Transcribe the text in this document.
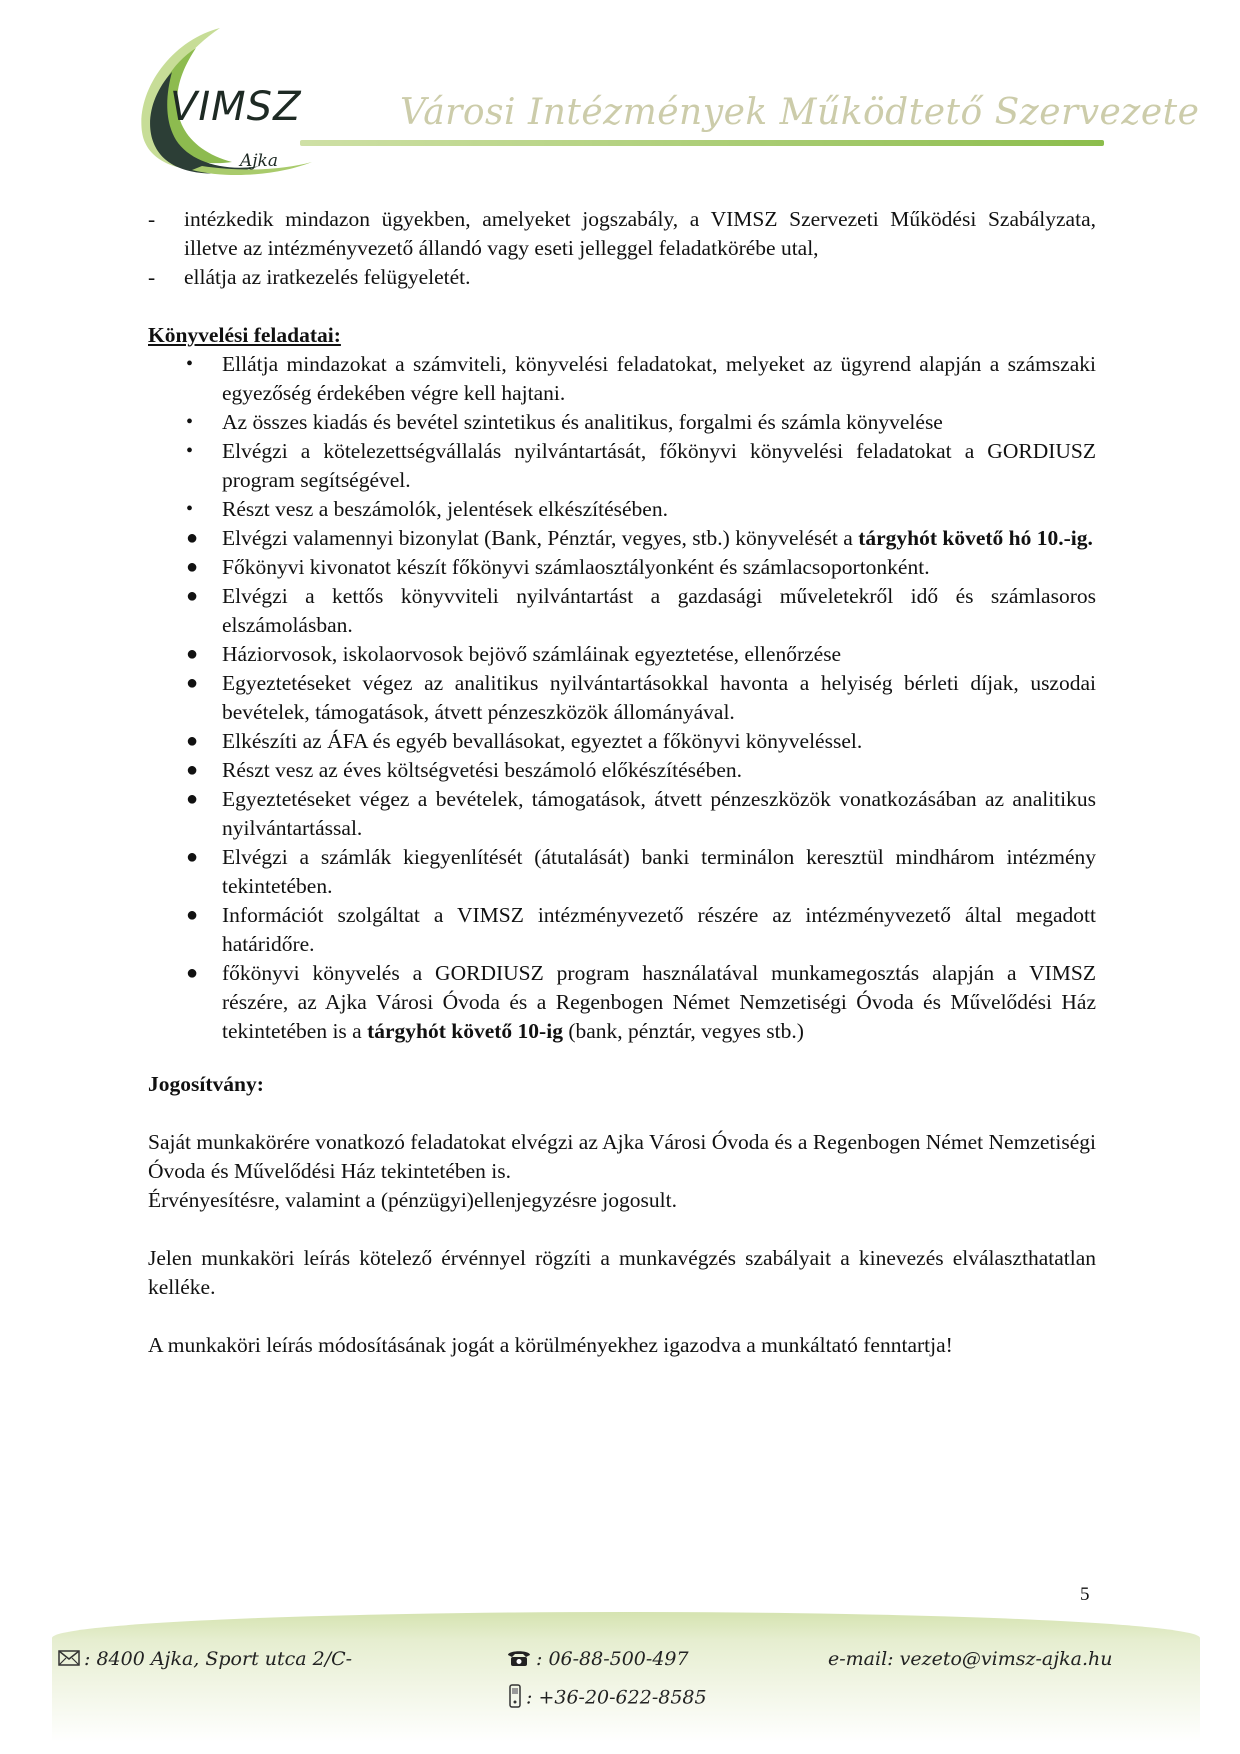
VIMSZ
Ajka
Városi Intézmények Működtető Szervezete
- intézkedik mindazon ügyekben, amelyeket jogszabály, a VIMSZ Szervezeti Működési Szabályzata, illetve az intézményvezető állandó vagy eseti jelleggel feladatkörébe utal,
- ellátja az iratkezelés felügyeletét.
Könyvelési feladatai:
• Ellátja mindazokat a számviteli, könyvelési feladatokat, melyeket az ügyrend alapján a számszaki egyezőség érdekében végre kell hajtani.
• Az összes kiadás és bevétel szintetikus és analitikus, forgalmi és számla könyvelése
• Elvégzi a kötelezettségvállalás nyilvántartását, főkönyvi könyvelési feladatokat a GORDIUSZ program segítségével.
• Részt vesz a beszámolók, jelentések elkészítésében.
● Elvégzi valamennyi bizonylat (Bank, Pénztár, vegyes, stb.) könyvelését a tárgyhót követő hó 10.-ig.
● Főkönyvi kivonatot készít főkönyvi számlaosztályonként és számlacsoportonként.
● Elvégzi a kettős könyvviteli nyilvántartást a gazdasági műveletekről idő és számlasoros elszámolásban.
● Háziorvosok, iskolaorvosok bejövő számláinak egyeztetése, ellenőrzése
● Egyeztetéseket végez az analitikus nyilvántartásokkal havonta a helyiség bérleti díjak, uszodai bevételek, támogatások, átvett pénzeszközök állományával.
● Elkészíti az ÁFA és egyéb bevallásokat, egyeztet a főkönyvi könyveléssel.
● Részt vesz az éves költségvetési beszámoló előkészítésében.
● Egyeztetéseket végez a bevételek, támogatások, átvett pénzeszközök vonatkozásában az analitikus nyilvántartással.
● Elvégzi a számlák kiegyenlítését (átutalását) banki terminálon keresztül mindhárom intézmény tekintetében.
● Információt szolgáltat a VIMSZ intézményvezető részére az intézményvezető által megadott határidőre.
● főkönyvi könyvelés a GORDIUSZ program használatával munkamegosztás alapján a VIMSZ részére, az Ajka Városi Óvoda és a Regenbogen Német Nemzetiségi Óvoda és Művelődési Ház tekintetében is a tárgyhót követő 10-ig (bank, pénztár, vegyes stb.)
Jogosítvány:

Saját munkakörére vonatkozó feladatokat elvégzi az Ajka Városi Óvoda és a Regenbogen Német Nemzetiségi Óvoda és Művelődési Ház tekintetében is.

Érvényesítésre, valamint a (pénzügyi)ellenjegyzésre jogosult.

Jelen munkaköri leírás kötelező érvénnyel rögzíti a munkavégzés szabályait a kinevezés elválaszthatatlan kelléke.

A munkaköri leírás módosításának jogát a körülményekhez igazodva a munkáltató fenntartja!

5
: 8400 Ajka, Sport utca 2/C-	: 06-88-500-497
: +36-20-622-8585
e-mail: vezeto@vimsz-ajka.hu
